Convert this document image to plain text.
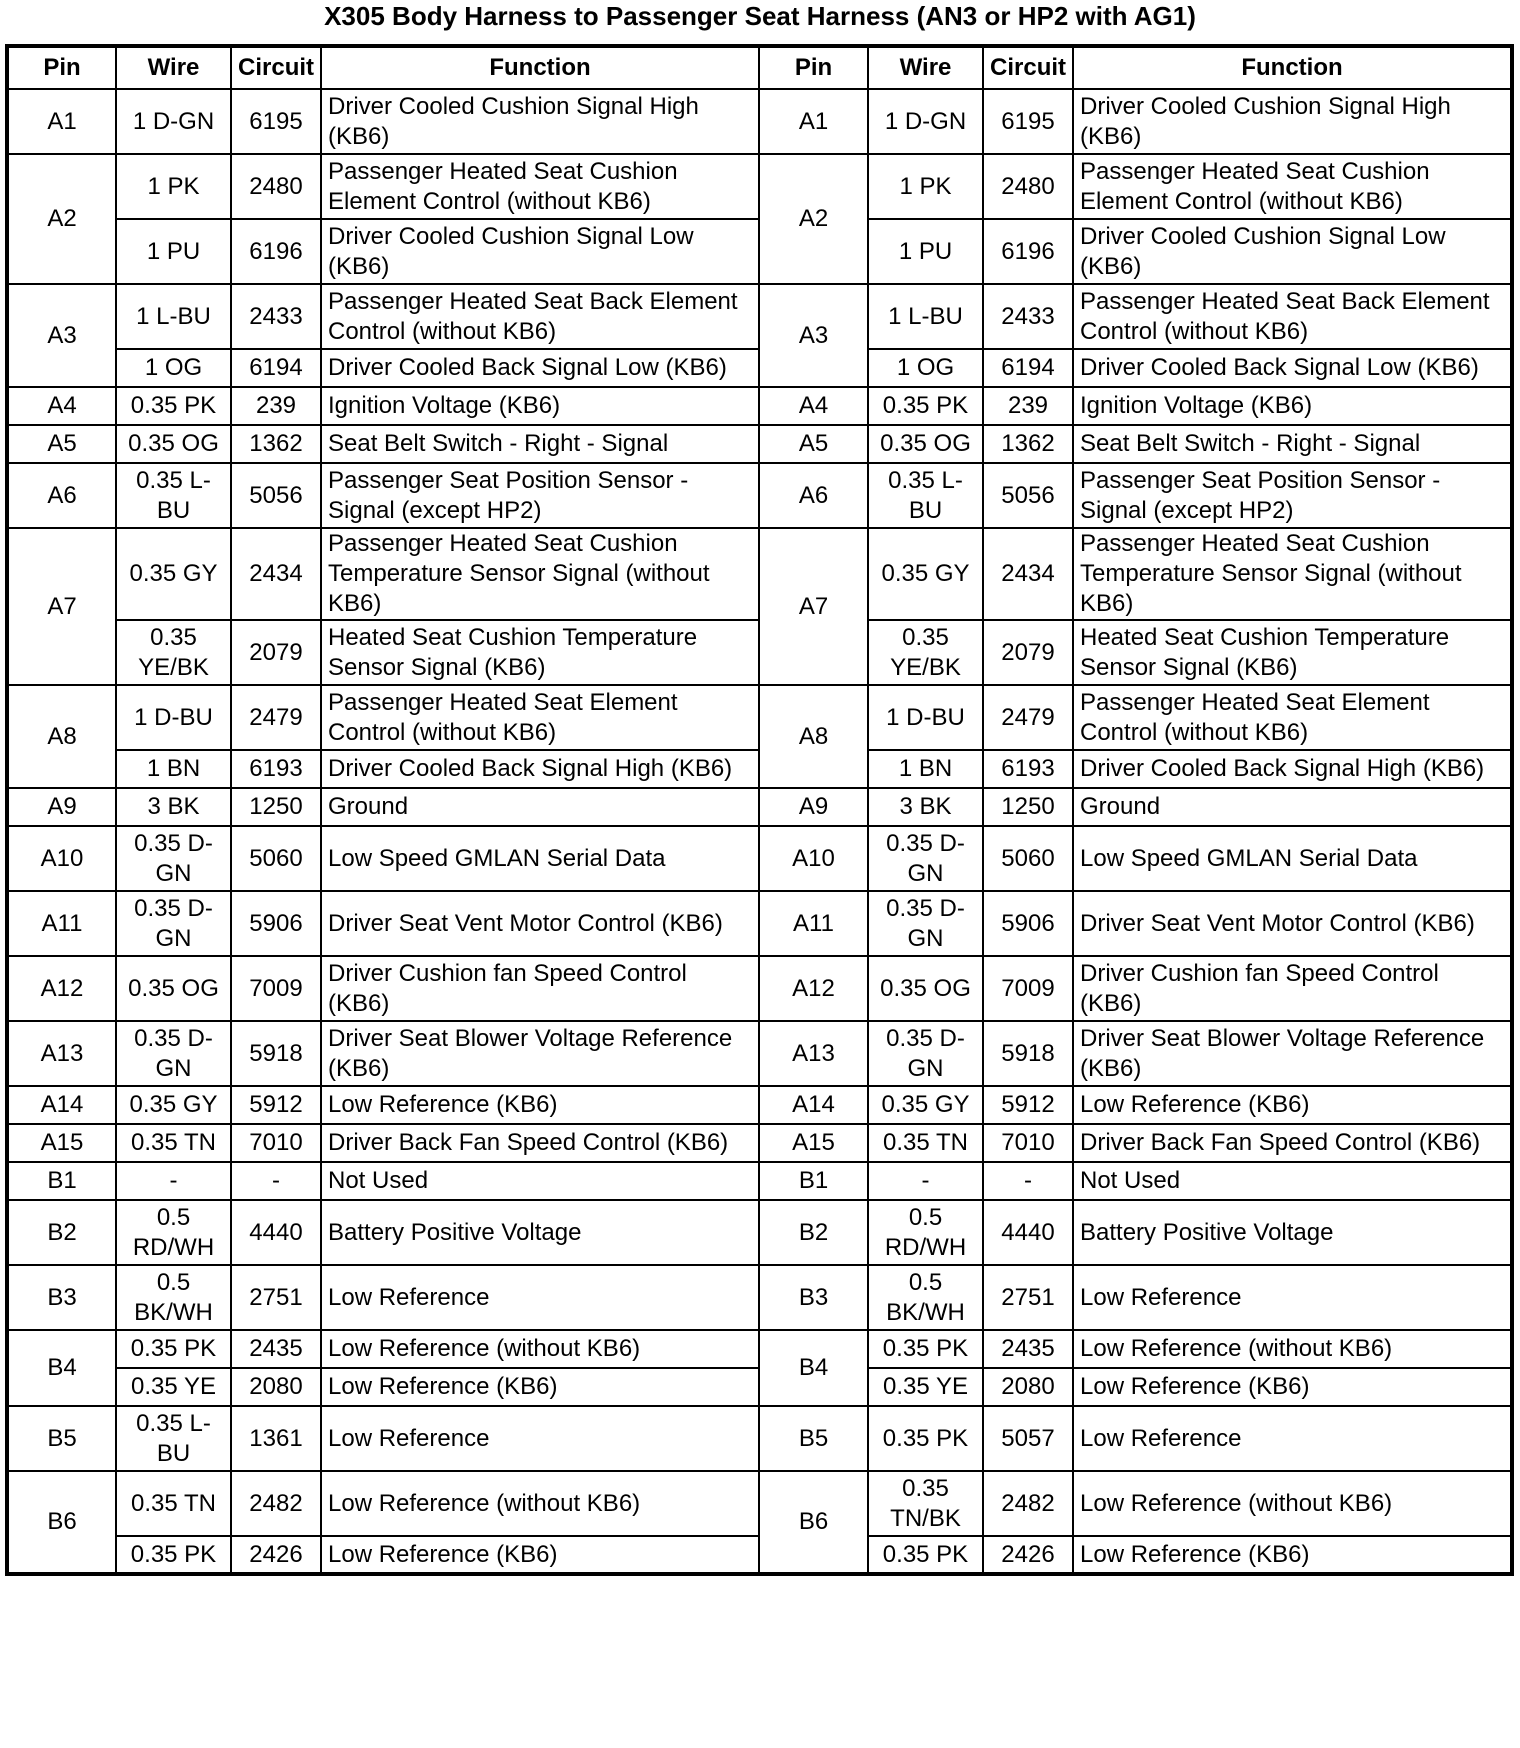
X305 Body Harness to Passenger Seat Harness (AN3 or HP2 with AG1)
Pin	Wire	Circuit	Function	Pin	Wire	Circuit	Function
A1	1 D-GN	6195	Driver Cooled Cushion Signal High (KB6)	A1	1 D-GN	6195	Driver Cooled Cushion Signal High (KB6)
A2	1 PK	2480	Passenger Heated Seat Cushion Element Control (without KB6)	A2	1 PK	2480	Passenger Heated Seat Cushion Element Control (without KB6)
	1 PU	6196	Driver Cooled Cushion Signal Low (KB6)		1 PU	6196	Driver Cooled Cushion Signal Low (KB6)
A3	1 L-BU	2433	Passenger Heated Seat Back Element Control (without KB6)	A3	1 L-BU	2433	Passenger Heated Seat Back Element Control (without KB6)
	1 OG	6194	Driver Cooled Back Signal Low (KB6)		1 OG	6194	Driver Cooled Back Signal Low (KB6)
A4	0.35 PK	239	Ignition Voltage (KB6)	A4	0.35 PK	239	Ignition Voltage (KB6)
A5	0.35 OG	1362	Seat Belt Switch - Right - Signal	A5	0.35 OG	1362	Seat Belt Switch - Right - Signal
A6	0.35 L-BU	5056	Passenger Seat Position Sensor - Signal (except HP2)	A6	0.35 L-BU	5056	Passenger Seat Position Sensor - Signal (except HP2)
A7	0.35 GY	2434	Passenger Heated Seat Cushion Temperature Sensor Signal (without KB6)	A7	0.35 GY	2434	Passenger Heated Seat Cushion Temperature Sensor Signal (without KB6)
	0.35 YE/BK	2079	Heated Seat Cushion Temperature Sensor Signal (KB6)		0.35 YE/BK	2079	Heated Seat Cushion Temperature Sensor Signal (KB6)
A8	1 D-BU	2479	Passenger Heated Seat Element Control (without KB6)	A8	1 D-BU	2479	Passenger Heated Seat Element Control (without KB6)
	1 BN	6193	Driver Cooled Back Signal High (KB6)		1 BN	6193	Driver Cooled Back Signal High (KB6)
A9	3 BK	1250	Ground	A9	3 BK	1250	Ground
A10	0.35 D-GN	5060	Low Speed GMLAN Serial Data	A10	0.35 D-GN	5060	Low Speed GMLAN Serial Data
A11	0.35 D-GN	5906	Driver Seat Vent Motor Control (KB6)	A11	0.35 D-GN	5906	Driver Seat Vent Motor Control (KB6)
A12	0.35 OG	7009	Driver Cushion fan Speed Control (KB6)	A12	0.35 OG	7009	Driver Cushion fan Speed Control (KB6)
A13	0.35 D-GN	5918	Driver Seat Blower Voltage Reference (KB6)	A13	0.35 D-GN	5918	Driver Seat Blower Voltage Reference (KB6)
A14	0.35 GY	5912	Low Reference (KB6)	A14	0.35 GY	5912	Low Reference (KB6)
A15	0.35 TN	7010	Driver Back Fan Speed Control (KB6)	A15	0.35 TN	7010	Driver Back Fan Speed Control (KB6)
B1	-	-	Not Used	B1	-	-	Not Used
B2	0.5 RD/WH	4440	Battery Positive Voltage	B2	0.5 RD/WH	4440	Battery Positive Voltage
B3	0.5 BK/WH	2751	Low Reference	B3	0.5 BK/WH	2751	Low Reference
B4	0.35 PK	2435	Low Reference (without KB6)	B4	0.35 PK	2435	Low Reference (without KB6)
	0.35 YE	2080	Low Reference (KB6)		0.35 YE	2080	Low Reference (KB6)
B5	0.35 L-BU	1361	Low Reference	B5	0.35 PK	5057	Low Reference
B6	0.35 TN	2482	Low Reference (without KB6)	B6	0.35 TN/BK	2482	Low Reference (without KB6)
	0.35 PK	2426	Low Reference (KB6)		0.35 PK	2426	Low Reference (KB6)
